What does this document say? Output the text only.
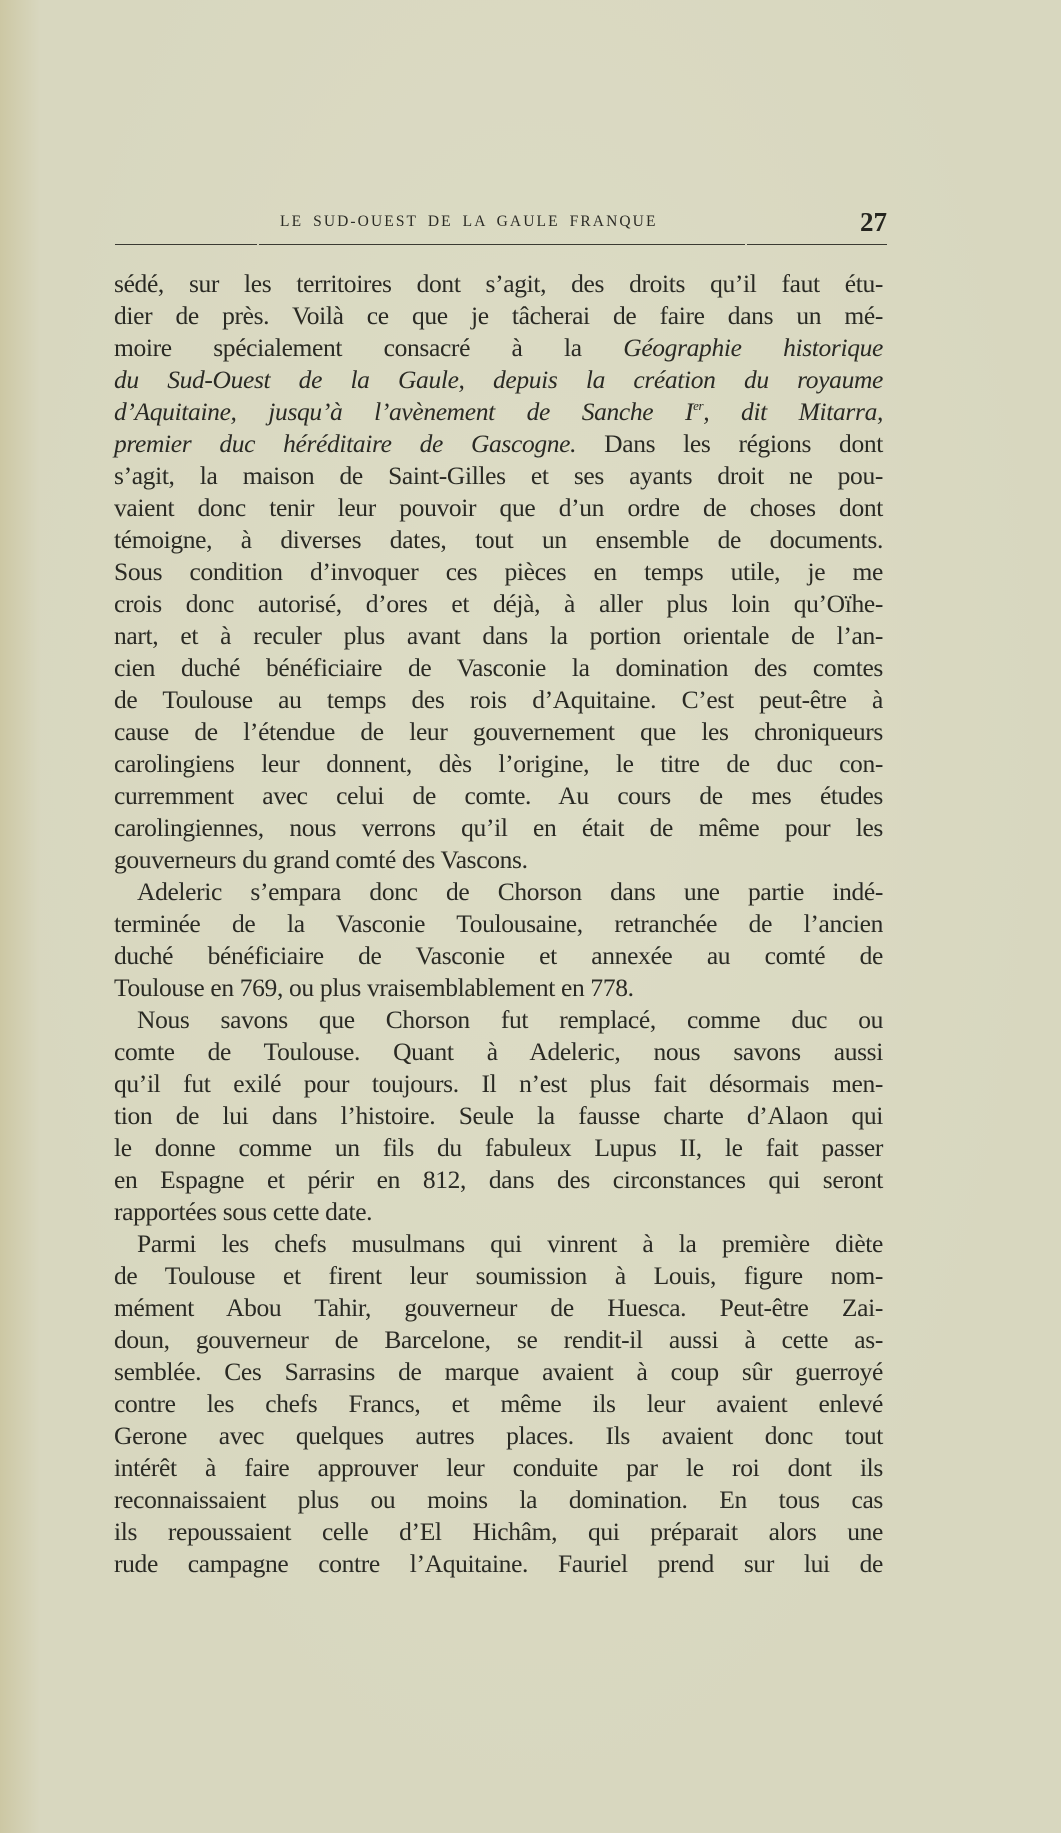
LE SUD-OUEST DE LA GAULE FRANQUE	27
sédé, sur les territoires dont s’agit, des droits qu’il faut étu-
dier de près. Voilà ce que je tâcherai de faire dans un mé-
moire spécialement consacré à la Géographie historique
du Sud-Ouest de la Gaule, depuis la création du royaume
d’Aquitaine, jusqu’à l’avènement de Sanche Ier, dit Mitarra,
premier duc héréditaire de Gascogne. Dans les régions dont
s’agit, la maison de Saint-Gilles et ses ayants droit ne pou-
vaient donc tenir leur pouvoir que d’un ordre de choses dont
témoigne, à diverses dates, tout un ensemble de documents.
Sous condition d’invoquer ces pièces en temps utile, je me
crois donc autorisé, d’ores et déjà, à aller plus loin qu’Oïhe-
nart, et à reculer plus avant dans la portion orientale de l’an-
cien duché bénéficiaire de Vasconie la domination des comtes
de Toulouse au temps des rois d’Aquitaine. C’est peut-être à
cause de l’étendue de leur gouvernement que les chroniqueurs
carolingiens leur donnent, dès l’origine, le titre de duc con-
curremment avec celui de comte. Au cours de mes études
carolingiennes, nous verrons qu’il en était de même pour les
gouverneurs du grand comté des Vascons.
Adeleric s’empara donc de Chorson dans une partie indé-
terminée de la Vasconie Toulousaine, retranchée de l’ancien
duché bénéficiaire de Vasconie et annexée au comté de
Toulouse en 769, ou plus vraisemblablement en 778.
Nous savons que Chorson fut remplacé, comme duc ou
comte de Toulouse. Quant à Adeleric, nous savons aussi
qu’il fut exilé pour toujours. Il n’est plus fait désormais men-
tion de lui dans l’histoire. Seule la fausse charte d’Alaon qui
le donne comme un fils du fabuleux Lupus II, le fait passer
en Espagne et périr en 812, dans des circonstances qui seront
rapportées sous cette date.
Parmi les chefs musulmans qui vinrent à la première diète
de Toulouse et firent leur soumission à Louis, figure nom-
mément Abou Tahir, gouverneur de Huesca. Peut-être Zai-
doun, gouverneur de Barcelone, se rendit-il aussi à cette as-
semblée. Ces Sarrasins de marque avaient à coup sûr guerroyé
contre les chefs Francs, et même ils leur avaient enlevé
Gerone avec quelques autres places. Ils avaient donc tout
intérêt à faire approuver leur conduite par le roi dont ils
reconnaissaient plus ou moins la domination. En tous cas
ils repoussaient celle d’El Hichâm, qui préparait alors une
rude campagne contre l’Aquitaine. Fauriel prend sur lui de
